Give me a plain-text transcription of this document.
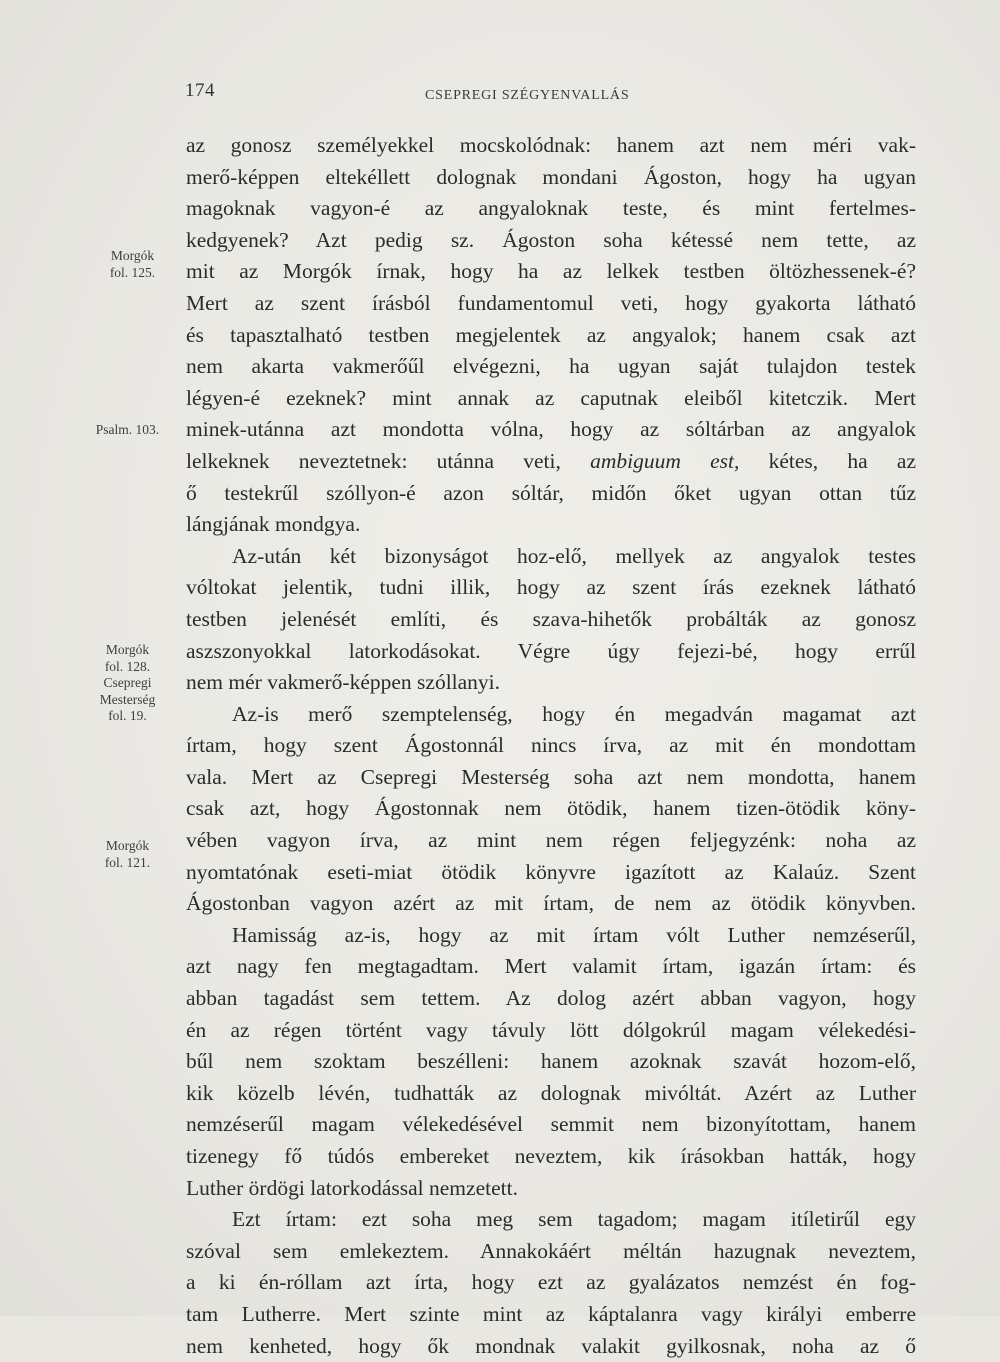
174	CSEPREGI SZÉGYENVALLÁS
Morgók
fol. 125.
Psalm. 103.
Morgók
fol. 128.
Csepregi
Mesterség
fol. 19.
Morgók
fol. 121.
az gonosz személyekkel mocskolódnak: hanem azt nem méri vak-
merő-képpen eltekéllett dolognak mondani Ágoston, hogy ha ugyan
magoknak vagyon-é az angyaloknak teste, és mint fertelmes-
kedgyenek? Azt pedig sz. Ágoston soha kétessé nem tette, az
mit az Morgók írnak, hogy ha az lelkek testben öltözhessenek-é?
Mert az szent írásból fundamentomul veti, hogy gyakorta látható
és tapasztalható testben megjelentek az angyalok; hanem csak azt
nem akarta vakmerőűl elvégezni, ha ugyan saját tulajdon testek
légyen-é ezeknek? mint annak az caputnak eleiből kitetczik. Mert
minek-utánna azt mondotta vólna, hogy az sóltárban az angyalok
lelkeknek neveztetnek: utánna veti, ambiguum est, kétes, ha az
ő testekrűl szóllyon-é azon sóltár, midőn őket ugyan ottan tűz
lángjának mondgya.
Az-után két bizonyságot hoz-elő, mellyek az angyalok testes
vóltokat jelentik, tudni illik, hogy az szent írás ezeknek látható
testben jelenését említi, és szava-hihetők probálták az gonosz
aszszonyokkal latorkodásokat. Végre úgy fejezi-bé, hogy errűl
nem mér vakmerő-képpen szóllanyi.
Az-is merő szemptelenség, hogy én megadván magamat azt
írtam, hogy szent Ágostonnál nincs írva, az mit én mondottam
vala. Mert az Csepregi Mesterség soha azt nem mondotta, hanem
csak azt, hogy Ágostonnak nem ötödik, hanem tizen-ötödik köny-
vében vagyon írva, az mint nem régen feljegyzénk: noha az
nyomtatónak eseti-miat ötödik könyvre igazított az Kalaúz. Szent
Ágostonban vagyon azért az mit írtam, de nem az ötödik könyvben.
Hamisság az-is, hogy az mit írtam vólt Luther nemzéserűl,
azt nagy fen megtagadtam. Mert valamit írtam, igazán írtam: és
abban tagadást sem tettem. Az dolog azért abban vagyon, hogy
én az régen történt vagy távuly lött dólgokrúl magam vélekedési-
bűl nem szoktam beszélleni: hanem azoknak szavát hozom-elő,
kik közelb lévén, tudhatták az dolognak mivóltát. Azért az Luther
nemzéserűl magam vélekedésével semmit nem bizonyítottam, hanem
tizenegy fő túdós embereket neveztem, kik írásokban hatták, hogy
Luther ördögi latorkodással nemzetett.
Ezt írtam: ezt soha meg sem tagadom; magam itíletirűl egy
szóval sem emlekeztem. Annakokáért méltán hazugnak neveztem,
a ki én-róllam azt írta, hogy ezt az gyalázatos nemzést én fog-
tam Lutherre. Mert szinte mint az káptalanra vagy királyi emberre
nem kenheted, hogy ők mondnak valakit gyilkosnak, noha az ő
